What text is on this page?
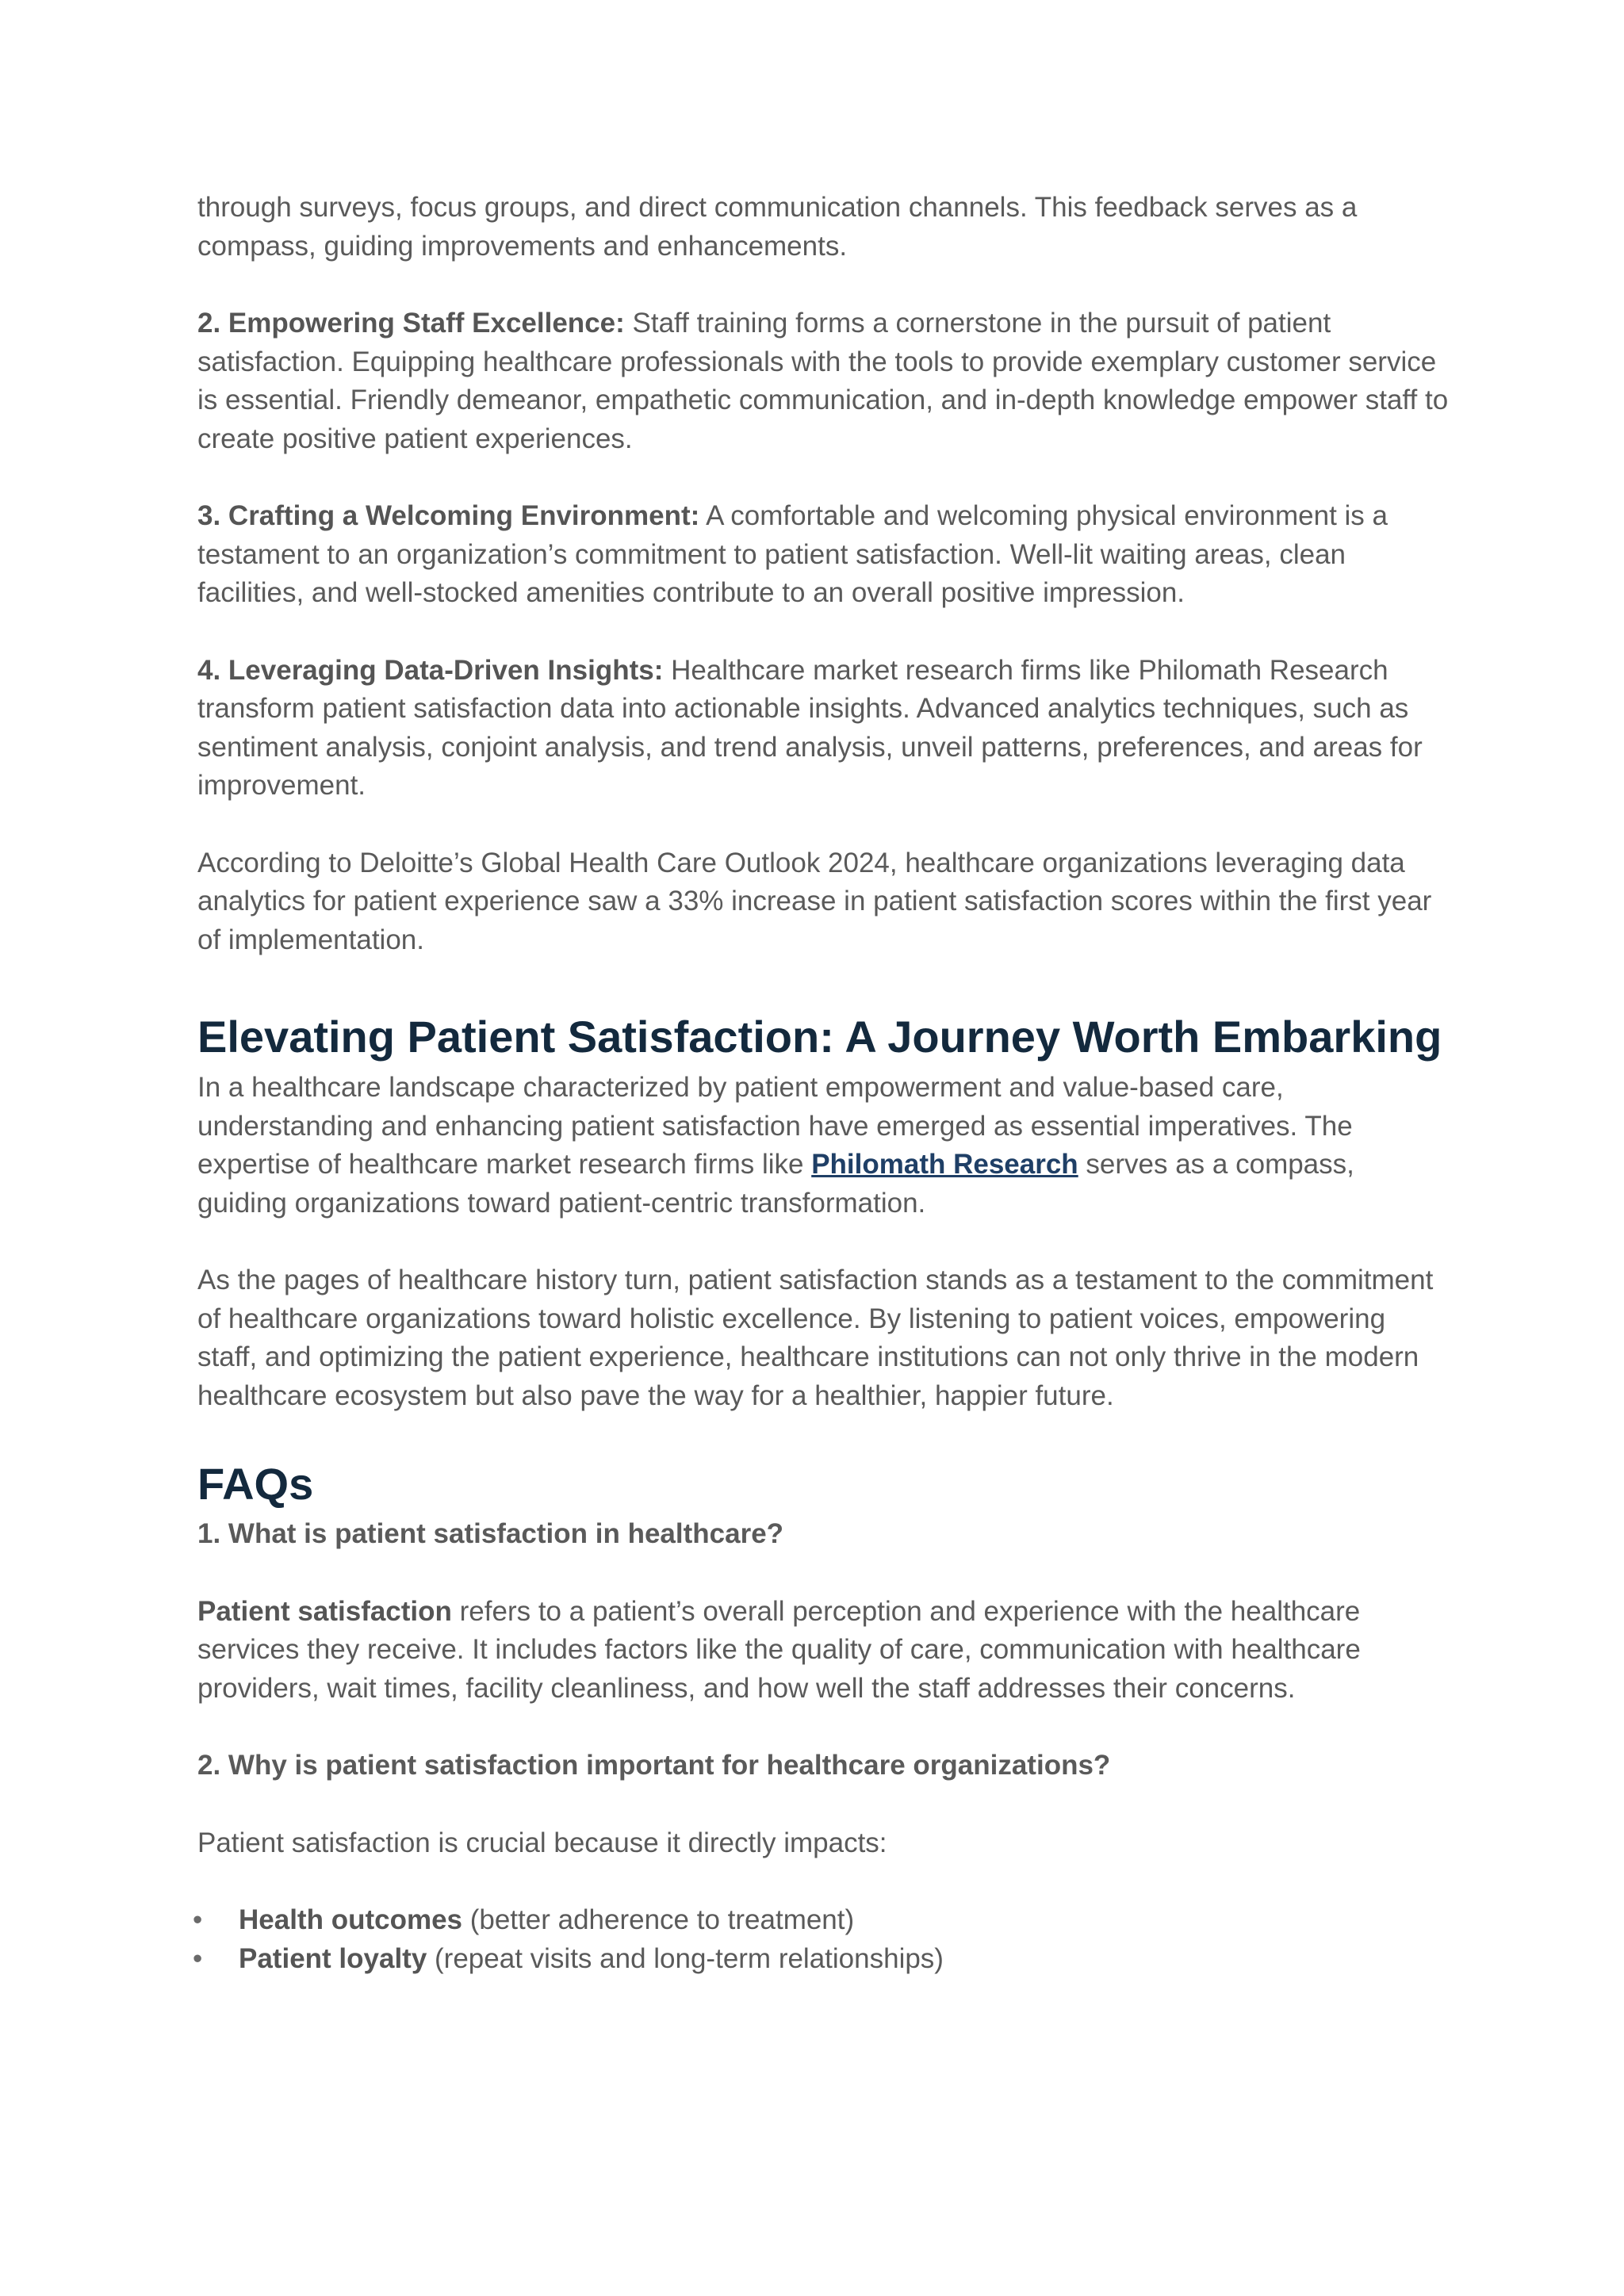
through surveys, focus groups, and direct communication channels. This feedback serves as a compass, guiding improvements and enhancements.

2. Empowering Staff Excellence: Staff training forms a cornerstone in the pursuit of patient satisfaction. Equipping healthcare professionals with the tools to provide exemplary customer service is essential. Friendly demeanor, empathetic communication, and in-depth knowledge empower staff to create positive patient experiences.

3. Crafting a Welcoming Environment: A comfortable and welcoming physical environment is a testament to an organization’s commitment to patient satisfaction. Well-lit waiting areas, clean facilities, and well-stocked amenities contribute to an overall positive impression.

4. Leveraging Data-Driven Insights: Healthcare market research firms like Philomath Research transform patient satisfaction data into actionable insights. Advanced analytics techniques, such as sentiment analysis, conjoint analysis, and trend analysis, unveil patterns, preferences, and areas for improvement.

According to Deloitte’s Global Health Care Outlook 2024, healthcare organizations leveraging data analytics for patient experience saw a 33% increase in patient satisfaction scores within the first year of implementation.

Elevating Patient Satisfaction: A Journey Worth Embarking

In a healthcare landscape characterized by patient empowerment and value-based care, understanding and enhancing patient satisfaction have emerged as essential imperatives. The expertise of healthcare market research firms like Philomath Research serves as a compass, guiding organizations toward patient-centric transformation.

As the pages of healthcare history turn, patient satisfaction stands as a testament to the commitment of healthcare organizations toward holistic excellence. By listening to patient voices, empowering staff, and optimizing the patient experience, healthcare institutions can not only thrive in the modern healthcare ecosystem but also pave the way for a healthier, happier future.

FAQs
1. What is patient satisfaction in healthcare?

Patient satisfaction refers to a patient’s overall perception and experience with the healthcare services they receive. It includes factors like the quality of care, communication with healthcare providers, wait times, facility cleanliness, and how well the staff addresses their concerns.

2. Why is patient satisfaction important for healthcare organizations?

Patient satisfaction is crucial because it directly impacts:

• Health outcomes (better adherence to treatment)
• Patient loyalty (repeat visits and long-term relationships)
